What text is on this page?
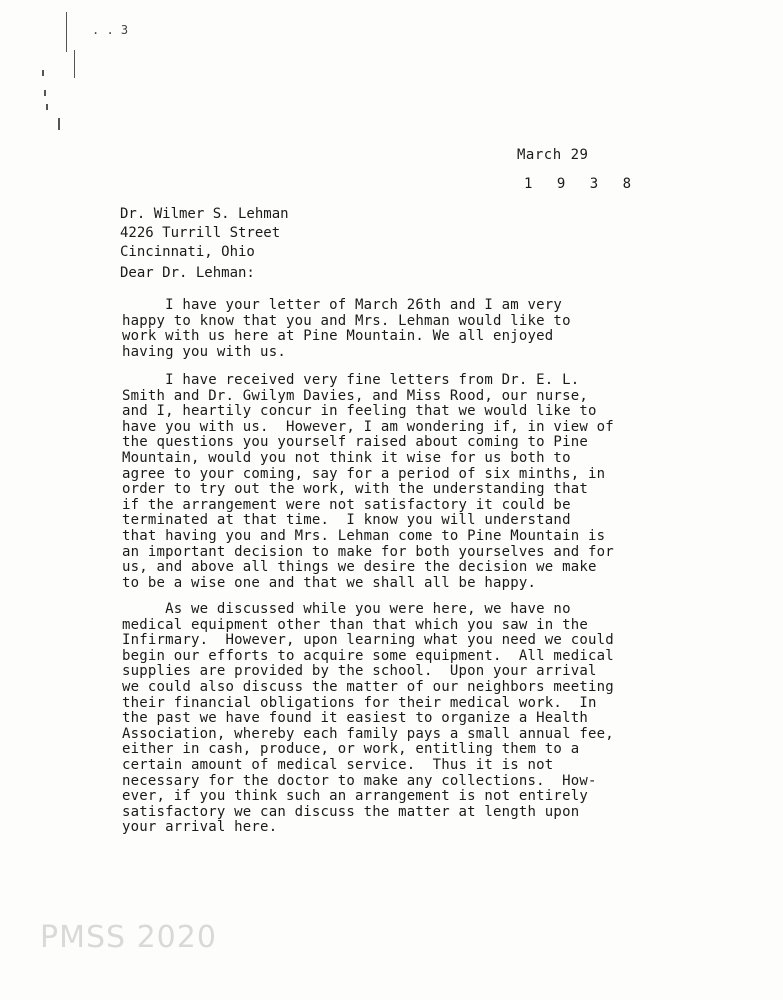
. . 3
March 29
1 9 3 8
Dr. Wilmer S. Lehman
4226 Turrill Street
Cincinnati, Ohio
Dear Dr. Lehman:
I have your letter of March 26th and I am very
happy to know that you and Mrs. Lehman would like to
work with us here at Pine Mountain. We all enjoyed
having you with us.
I have received very fine letters from Dr. E. L.
Smith and Dr. Gwilym Davies, and Miss Rood, our nurse,
and I, heartily concur in feeling that we would like to
have you with us.  However, I am wondering if, in view of
the questions you yourself raised about coming to Pine
Mountain, would you not think it wise for us both to
agree to your coming, say for a period of six minths, in
order to try out the work, with the understanding that
if the arrangement were not satisfactory it could be
terminated at that time.  I know you will understand
that having you and Mrs. Lehman come to Pine Mountain is
an important decision to make for both yourselves and for
us, and above all things we desire the decision we make
to be a wise one and that we shall all be happy.
As we discussed while you were here, we have no
medical equipment other than that which you saw in the
Infirmary.  However, upon learning what you need we could
begin our efforts to acquire some equipment.  All medical
supplies are provided by the school.  Upon your arrival
we could also discuss the matter of our neighbors meeting
their financial obligations for their medical work.  In
the past we have found it easiest to organize a Health
Association, whereby each family pays a small annual fee,
either in cash, produce, or work, entitling them to a
certain amount of medical service.  Thus it is not
necessary for the doctor to make any collections.  How-
ever, if you think such an arrangement is not entirely
satisfactory we can discuss the matter at length upon
your arrival here.
PMSS 2020
